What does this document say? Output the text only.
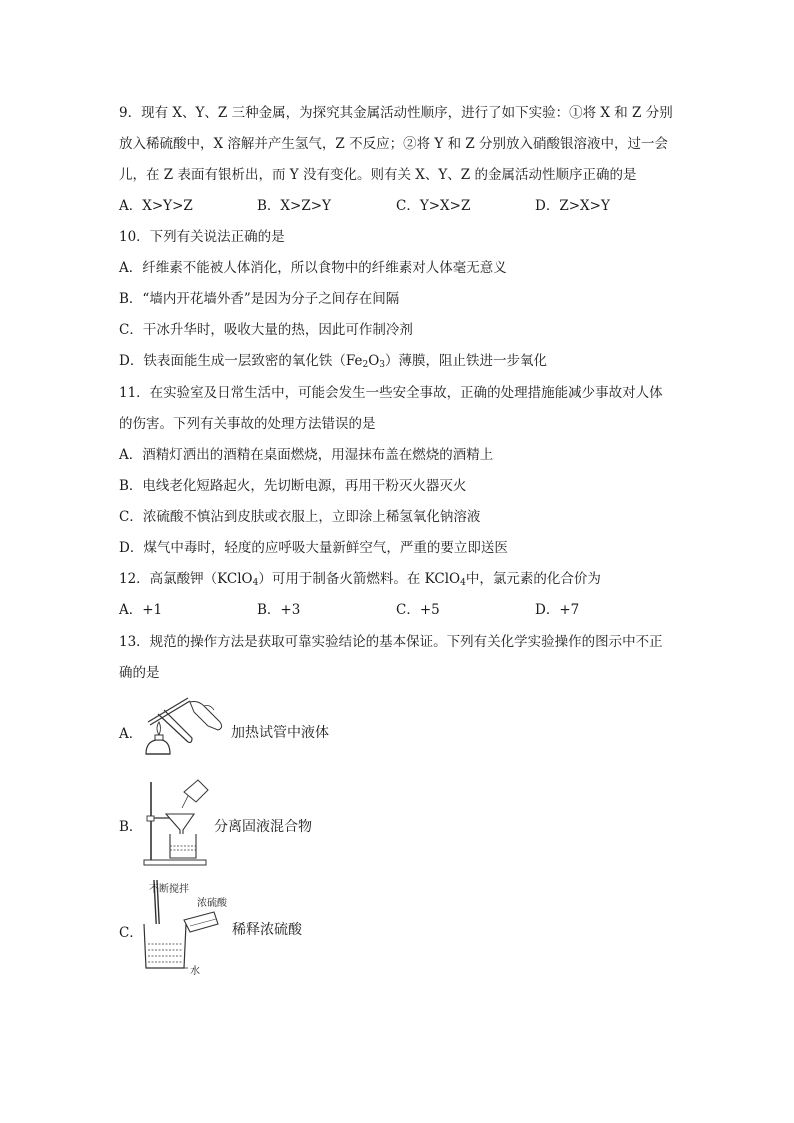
9．现有 X、Y、Z 三种金属，为探究其金属活动性顺序，进行了如下实验：①将 X 和 Z 分别
放入稀硫酸中，X 溶解并产生氢气，Z 不反应；②将 Y 和 Z 分别放入硝酸银溶液中，过一会
儿，在 Z 表面有银析出，而 Y 没有变化。则有关 X、Y、Z 的金属活动性顺序正确的是
A．X>Y>Z	B．X>Z>Y	C．Y>X>Z	D．Z>X>Y
10．下列有关说法正确的是
A．纤维素不能被人体消化，所以食物中的纤维素对人体毫无意义
B．“墙内开花墙外香”是因为分子之间存在间隔
C．干冰升华时，吸收大量的热，因此可作制冷剂
D．铁表面能生成一层致密的氧化铁$(Fe_2O_3)$薄膜，阻止铁进一步氧化
11．在实验室及日常生活中，可能会发生一些安全事故，正确的处理措施能减少事故对人体
的伤害。下列有关事故的处理方法错误的是
A．酒精灯洒出的酒精在桌面燃烧，用湿抹布盖在燃烧的酒精上
B．电线老化短路起火，先切断电源，再用干粉灭火器灭火
C．浓硫酸不慎沾到皮肤或衣服上，立即涂上稀氢氧化钠溶液
D．煤气中毒时，轻度的应呼吸大量新鲜空气，严重的要立即送医
12．高氯酸钾（KClO$_4$）可用于制备火箭燃料。在 KClO$_4$中，氯元素的化合价为
A．+1	B．+3	C．+5	D．+7
13．规范的操作方法是获取可靠实验结论的基本保证。下列有关化学实验操作的图示中不正
确的是
A．	加热试管中液体
B．	分离固液混合物
C．
不断搅拌
浓硫酸
水
稀释浓硫酸
